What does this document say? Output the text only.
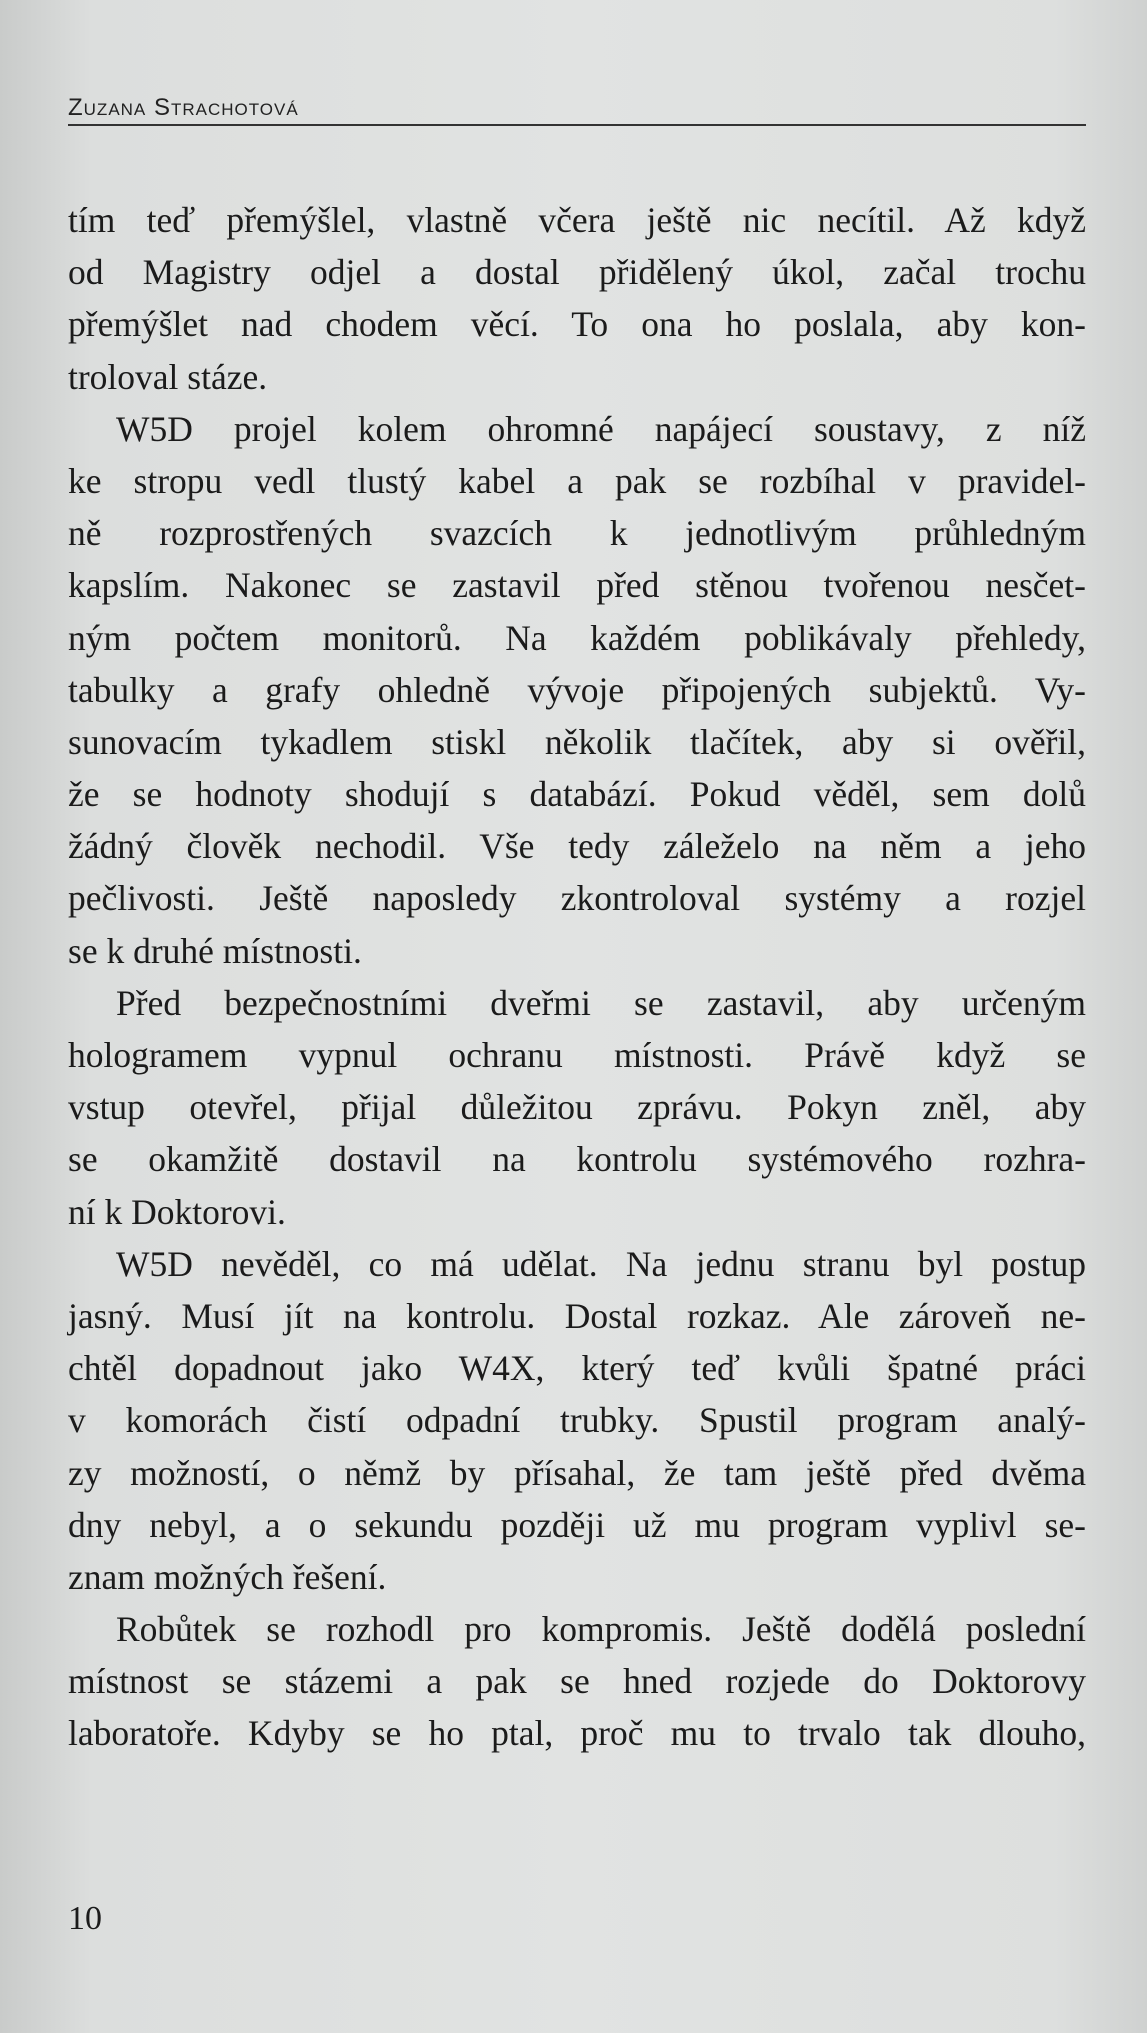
Zuzana Strachotová
tím teď přemýšlel, vlastně včera ještě nic necítil. Až když
od Magistry odjel a dostal přidělený úkol, začal trochu
přemýšlet nad chodem věcí. To ona ho poslala, aby kon-
troloval stáze.
W5D projel kolem ohromné napájecí soustavy, z níž
ke stropu vedl tlustý kabel a pak se rozbíhal v pravidel-
ně rozprostřených svazcích k jednotlivým průhledným
kapslím. Nakonec se zastavil před stěnou tvořenou nesčet-
ným počtem monitorů. Na každém poblikávaly přehledy,
tabulky a grafy ohledně vývoje připojených subjektů. Vy-
sunovacím tykadlem stiskl několik tlačítek, aby si ověřil,
že se hodnoty shodují s databází. Pokud věděl, sem dolů
žádný člověk nechodil. Vše tedy záleželo na něm a jeho
pečlivosti. Ještě naposledy zkontroloval systémy a rozjel
se k druhé místnosti.
Před bezpečnostními dveřmi se zastavil, aby určeným
hologramem vypnul ochranu místnosti. Právě když se
vstup otevřel, přijal důležitou zprávu. Pokyn zněl, aby
se okamžitě dostavil na kontrolu systémového rozhra-
ní k Doktorovi.
W5D nevěděl, co má udělat. Na jednu stranu byl postup
jasný. Musí jít na kontrolu. Dostal rozkaz. Ale zároveň ne-
chtěl dopadnout jako W4X, který teď kvůli špatné práci
v komorách čistí odpadní trubky. Spustil program analý-
zy možností, o němž by přísahal, že tam ještě před dvěma
dny nebyl, a o sekundu později už mu program vyplivl se-
znam možných řešení.
Robůtek se rozhodl pro kompromis. Ještě dodělá poslední
místnost se stázemi a pak se hned rozjede do Doktorovy
laboratoře. Kdyby se ho ptal, proč mu to trvalo tak dlouho,
10
